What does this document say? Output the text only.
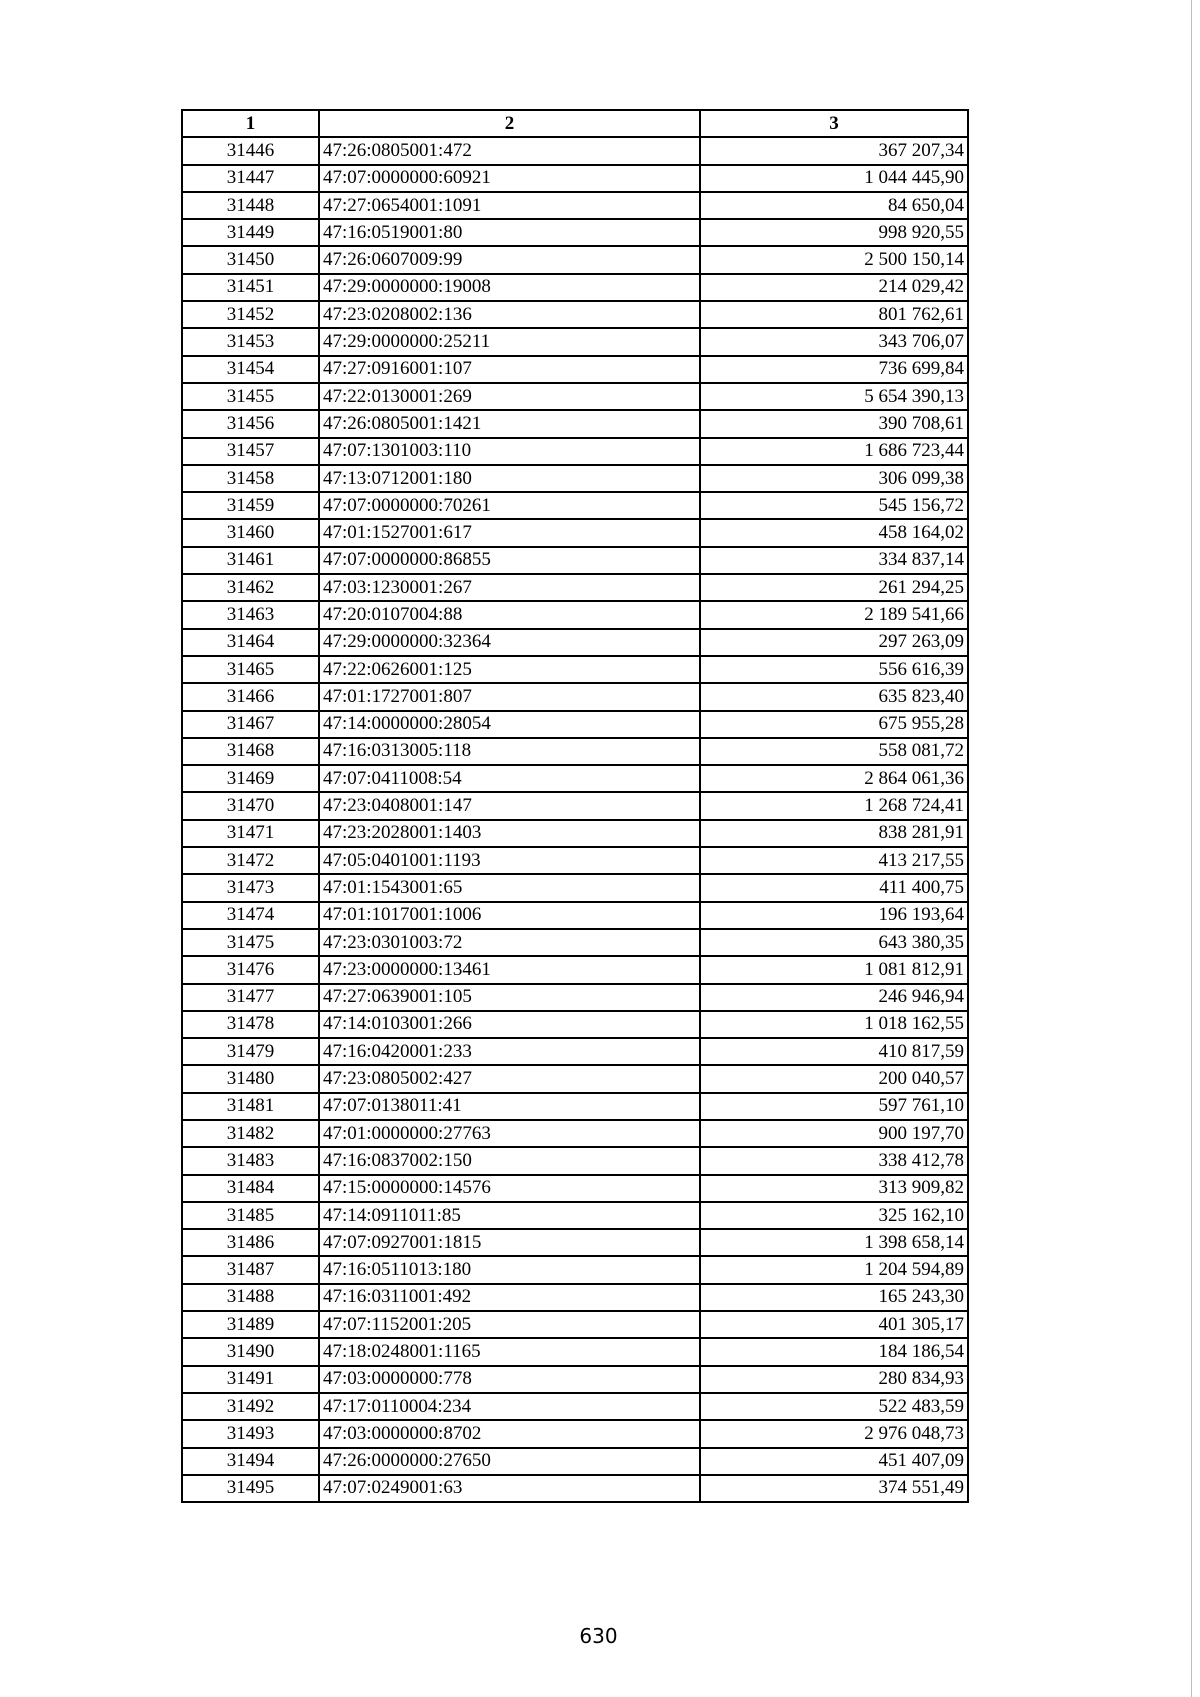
1	2	3
31446	47:26:0805001:472	367 207,34
31447	47:07:0000000:60921	1 044 445,90
31448	47:27:0654001:1091	84 650,04
31449	47:16:0519001:80	998 920,55
31450	47:26:0607009:99	2 500 150,14
31451	47:29:0000000:19008	214 029,42
31452	47:23:0208002:136	801 762,61
31453	47:29:0000000:25211	343 706,07
31454	47:27:0916001:107	736 699,84
31455	47:22:0130001:269	5 654 390,13
31456	47:26:0805001:1421	390 708,61
31457	47:07:1301003:110	1 686 723,44
31458	47:13:0712001:180	306 099,38
31459	47:07:0000000:70261	545 156,72
31460	47:01:1527001:617	458 164,02
31461	47:07:0000000:86855	334 837,14
31462	47:03:1230001:267	261 294,25
31463	47:20:0107004:88	2 189 541,66
31464	47:29:0000000:32364	297 263,09
31465	47:22:0626001:125	556 616,39
31466	47:01:1727001:807	635 823,40
31467	47:14:0000000:28054	675 955,28
31468	47:16:0313005:118	558 081,72
31469	47:07:0411008:54	2 864 061,36
31470	47:23:0408001:147	1 268 724,41
31471	47:23:2028001:1403	838 281,91
31472	47:05:0401001:1193	413 217,55
31473	47:01:1543001:65	411 400,75
31474	47:01:1017001:1006	196 193,64
31475	47:23:0301003:72	643 380,35
31476	47:23:0000000:13461	1 081 812,91
31477	47:27:0639001:105	246 946,94
31478	47:14:0103001:266	1 018 162,55
31479	47:16:0420001:233	410 817,59
31480	47:23:0805002:427	200 040,57
31481	47:07:0138011:41	597 761,10
31482	47:01:0000000:27763	900 197,70
31483	47:16:0837002:150	338 412,78
31484	47:15:0000000:14576	313 909,82
31485	47:14:0911011:85	325 162,10
31486	47:07:0927001:1815	1 398 658,14
31487	47:16:0511013:180	1 204 594,89
31488	47:16:0311001:492	165 243,30
31489	47:07:1152001:205	401 305,17
31490	47:18:0248001:1165	184 186,54
31491	47:03:0000000:778	280 834,93
31492	47:17:0110004:234	522 483,59
31493	47:03:0000000:8702	2 976 048,73
31494	47:26:0000000:27650	451 407,09
31495	47:07:0249001:63	374 551,49
630
